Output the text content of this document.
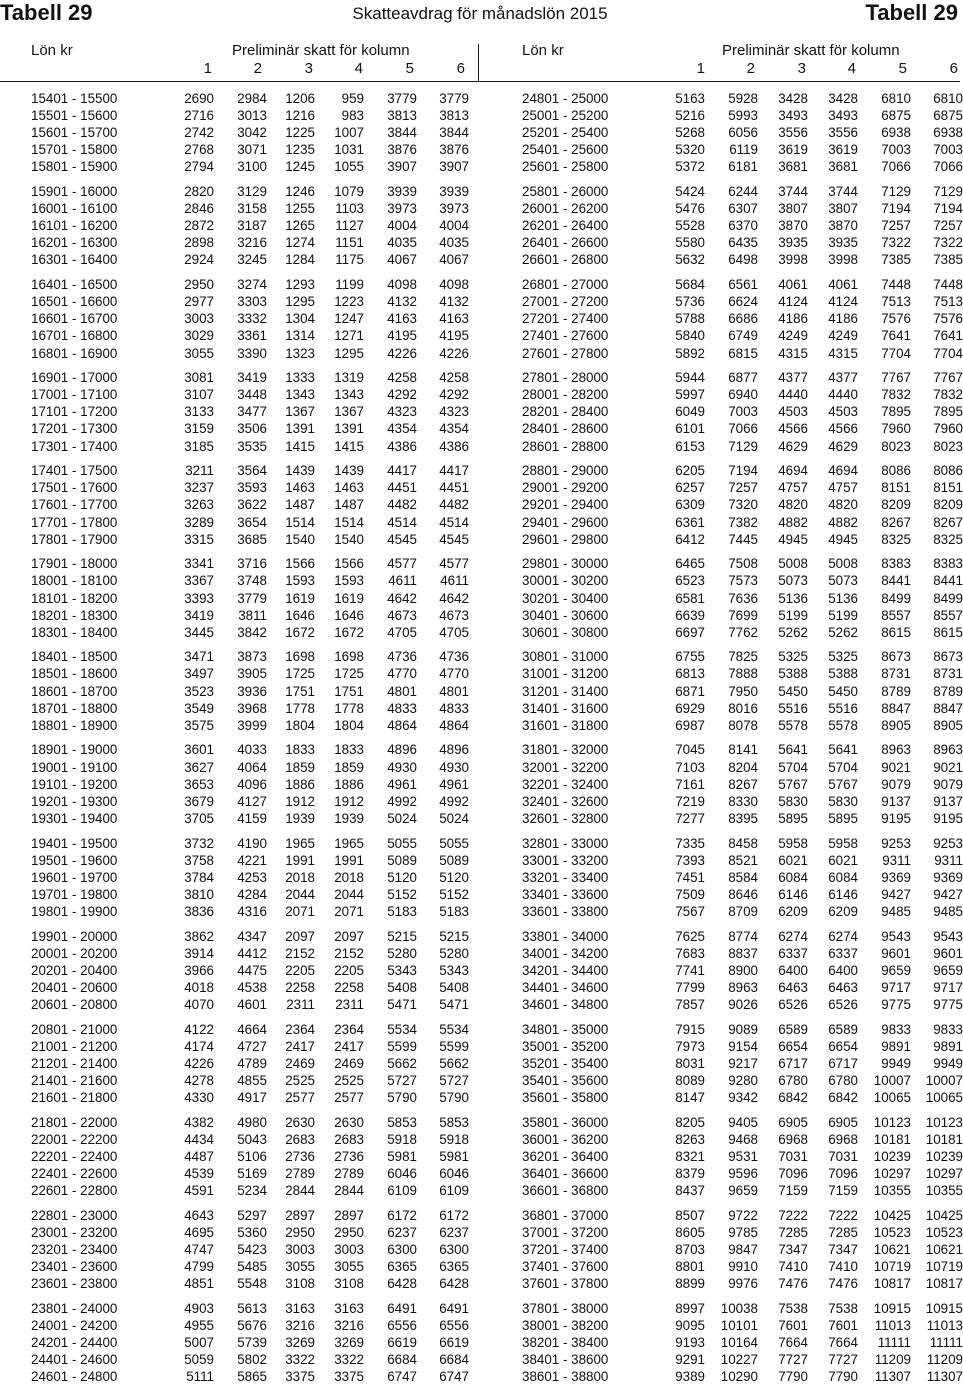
Tabell 29	Skatteavdrag för månadslön 2015	Tabell 29
Lön kr	Preliminär skatt för kolumn	Lön kr	Preliminär skatt för kolumn
1	2	3	4	5	6	1	2	3	4	5	6
15401 - 15500	2690	2984	1206	959	3779	3779
15501 - 15600	2716	3013	1216	983	3813	3813
15601 - 15700	2742	3042	1225	1007	3844	3844
15701 - 15800	2768	3071	1235	1031	3876	3876
15801 - 15900	2794	3100	1245	1055	3907	3907
15901 - 16000	2820	3129	1246	1079	3939	3939
16001 - 16100	2846	3158	1255	1103	3973	3973
16101 - 16200	2872	3187	1265	1127	4004	4004
16201 - 16300	2898	3216	1274	1151	4035	4035
16301 - 16400	2924	3245	1284	1175	4067	4067
16401 - 16500	2950	3274	1293	1199	4098	4098
16501 - 16600	2977	3303	1295	1223	4132	4132
16601 - 16700	3003	3332	1304	1247	4163	4163
16701 - 16800	3029	3361	1314	1271	4195	4195
16801 - 16900	3055	3390	1323	1295	4226	4226
16901 - 17000	3081	3419	1333	1319	4258	4258
17001 - 17100	3107	3448	1343	1343	4292	4292
17101 - 17200	3133	3477	1367	1367	4323	4323
17201 - 17300	3159	3506	1391	1391	4354	4354
17301 - 17400	3185	3535	1415	1415	4386	4386
17401 - 17500	3211	3564	1439	1439	4417	4417
17501 - 17600	3237	3593	1463	1463	4451	4451
17601 - 17700	3263	3622	1487	1487	4482	4482
17701 - 17800	3289	3654	1514	1514	4514	4514
17801 - 17900	3315	3685	1540	1540	4545	4545
17901 - 18000	3341	3716	1566	1566	4577	4577
18001 - 18100	3367	3748	1593	1593	4611	4611
18101 - 18200	3393	3779	1619	1619	4642	4642
18201 - 18300	3419	3811	1646	1646	4673	4673
18301 - 18400	3445	3842	1672	1672	4705	4705
18401 - 18500	3471	3873	1698	1698	4736	4736
18501 - 18600	3497	3905	1725	1725	4770	4770
18601 - 18700	3523	3936	1751	1751	4801	4801
18701 - 18800	3549	3968	1778	1778	4833	4833
18801 - 18900	3575	3999	1804	1804	4864	4864
18901 - 19000	3601	4033	1833	1833	4896	4896
19001 - 19100	3627	4064	1859	1859	4930	4930
19101 - 19200	3653	4096	1886	1886	4961	4961
19201 - 19300	3679	4127	1912	1912	4992	4992
19301 - 19400	3705	4159	1939	1939	5024	5024
19401 - 19500	3732	4190	1965	1965	5055	5055
19501 - 19600	3758	4221	1991	1991	5089	5089
19601 - 19700	3784	4253	2018	2018	5120	5120
19701 - 19800	3810	4284	2044	2044	5152	5152
19801 - 19900	3836	4316	2071	2071	5183	5183
19901 - 20000	3862	4347	2097	2097	5215	5215
20001 - 20200	3914	4412	2152	2152	5280	5280
20201 - 20400	3966	4475	2205	2205	5343	5343
20401 - 20600	4018	4538	2258	2258	5408	5408
20601 - 20800	4070	4601	2311	2311	5471	5471
20801 - 21000	4122	4664	2364	2364	5534	5534
21001 - 21200	4174	4727	2417	2417	5599	5599
21201 - 21400	4226	4789	2469	2469	5662	5662
21401 - 21600	4278	4855	2525	2525	5727	5727
21601 - 21800	4330	4917	2577	2577	5790	5790
21801 - 22000	4382	4980	2630	2630	5853	5853
22001 - 22200	4434	5043	2683	2683	5918	5918
22201 - 22400	4487	5106	2736	2736	5981	5981
22401 - 22600	4539	5169	2789	2789	6046	6046
22601 - 22800	4591	5234	2844	2844	6109	6109
22801 - 23000	4643	5297	2897	2897	6172	6172
23001 - 23200	4695	5360	2950	2950	6237	6237
23201 - 23400	4747	5423	3003	3003	6300	6300
23401 - 23600	4799	5485	3055	3055	6365	6365
23601 - 23800	4851	5548	3108	3108	6428	6428
23801 - 24000	4903	5613	3163	3163	6491	6491
24001 - 24200	4955	5676	3216	3216	6556	6556
24201 - 24400	5007	5739	3269	3269	6619	6619
24401 - 24600	5059	5802	3322	3322	6684	6684
24601 - 24800	5111	5865	3375	3375	6747	6747
24801 - 25000	5163	5928	3428	3428	6810	6810
25001 - 25200	5216	5993	3493	3493	6875	6875
25201 - 25400	5268	6056	3556	3556	6938	6938
25401 - 25600	5320	6119	3619	3619	7003	7003
25601 - 25800	5372	6181	3681	3681	7066	7066
25801 - 26000	5424	6244	3744	3744	7129	7129
26001 - 26200	5476	6307	3807	3807	7194	7194
26201 - 26400	5528	6370	3870	3870	7257	7257
26401 - 26600	5580	6435	3935	3935	7322	7322
26601 - 26800	5632	6498	3998	3998	7385	7385
26801 - 27000	5684	6561	4061	4061	7448	7448
27001 - 27200	5736	6624	4124	4124	7513	7513
27201 - 27400	5788	6686	4186	4186	7576	7576
27401 - 27600	5840	6749	4249	4249	7641	7641
27601 - 27800	5892	6815	4315	4315	7704	7704
27801 - 28000	5944	6877	4377	4377	7767	7767
28001 - 28200	5997	6940	4440	4440	7832	7832
28201 - 28400	6049	7003	4503	4503	7895	7895
28401 - 28600	6101	7066	4566	4566	7960	7960
28601 - 28800	6153	7129	4629	4629	8023	8023
28801 - 29000	6205	7194	4694	4694	8086	8086
29001 - 29200	6257	7257	4757	4757	8151	8151
29201 - 29400	6309	7320	4820	4820	8209	8209
29401 - 29600	6361	7382	4882	4882	8267	8267
29601 - 29800	6412	7445	4945	4945	8325	8325
29801 - 30000	6465	7508	5008	5008	8383	8383
30001 - 30200	6523	7573	5073	5073	8441	8441
30201 - 30400	6581	7636	5136	5136	8499	8499
30401 - 30600	6639	7699	5199	5199	8557	8557
30601 - 30800	6697	7762	5262	5262	8615	8615
30801 - 31000	6755	7825	5325	5325	8673	8673
31001 - 31200	6813	7888	5388	5388	8731	8731
31201 - 31400	6871	7950	5450	5450	8789	8789
31401 - 31600	6929	8016	5516	5516	8847	8847
31601 - 31800	6987	8078	5578	5578	8905	8905
31801 - 32000	7045	8141	5641	5641	8963	8963
32001 - 32200	7103	8204	5704	5704	9021	9021
32201 - 32400	7161	8267	5767	5767	9079	9079
32401 - 32600	7219	8330	5830	5830	9137	9137
32601 - 32800	7277	8395	5895	5895	9195	9195
32801 - 33000	7335	8458	5958	5958	9253	9253
33001 - 33200	7393	8521	6021	6021	9311	9311
33201 - 33400	7451	8584	6084	6084	9369	9369
33401 - 33600	7509	8646	6146	6146	9427	9427
33601 - 33800	7567	8709	6209	6209	9485	9485
33801 - 34000	7625	8774	6274	6274	9543	9543
34001 - 34200	7683	8837	6337	6337	9601	9601
34201 - 34400	7741	8900	6400	6400	9659	9659
34401 - 34600	7799	8963	6463	6463	9717	9717
34601 - 34800	7857	9026	6526	6526	9775	9775
34801 - 35000	7915	9089	6589	6589	9833	9833
35001 - 35200	7973	9154	6654	6654	9891	9891
35201 - 35400	8031	9217	6717	6717	9949	9949
35401 - 35600	8089	9280	6780	6780	10007	10007
35601 - 35800	8147	9342	6842	6842	10065	10065
35801 - 36000	8205	9405	6905	6905	10123	10123
36001 - 36200	8263	9468	6968	6968	10181	10181
36201 - 36400	8321	9531	7031	7031	10239	10239
36401 - 36600	8379	9596	7096	7096	10297	10297
36601 - 36800	8437	9659	7159	7159	10355	10355
36801 - 37000	8507	9722	7222	7222	10425	10425
37001 - 37200	8605	9785	7285	7285	10523	10523
37201 - 37400	8703	9847	7347	7347	10621	10621
37401 - 37600	8801	9910	7410	7410	10719	10719
37601 - 37800	8899	9976	7476	7476	10817	10817
37801 - 38000	8997	10038	7538	7538	10915	10915
38001 - 38200	9095	10101	7601	7601	11013	11013
38201 - 38400	9193	10164	7664	7664	11111	11111
38401 - 38600	9291	10227	7727	7727	11209	11209
38601 - 38800	9389	10290	7790	7790	11307	11307
